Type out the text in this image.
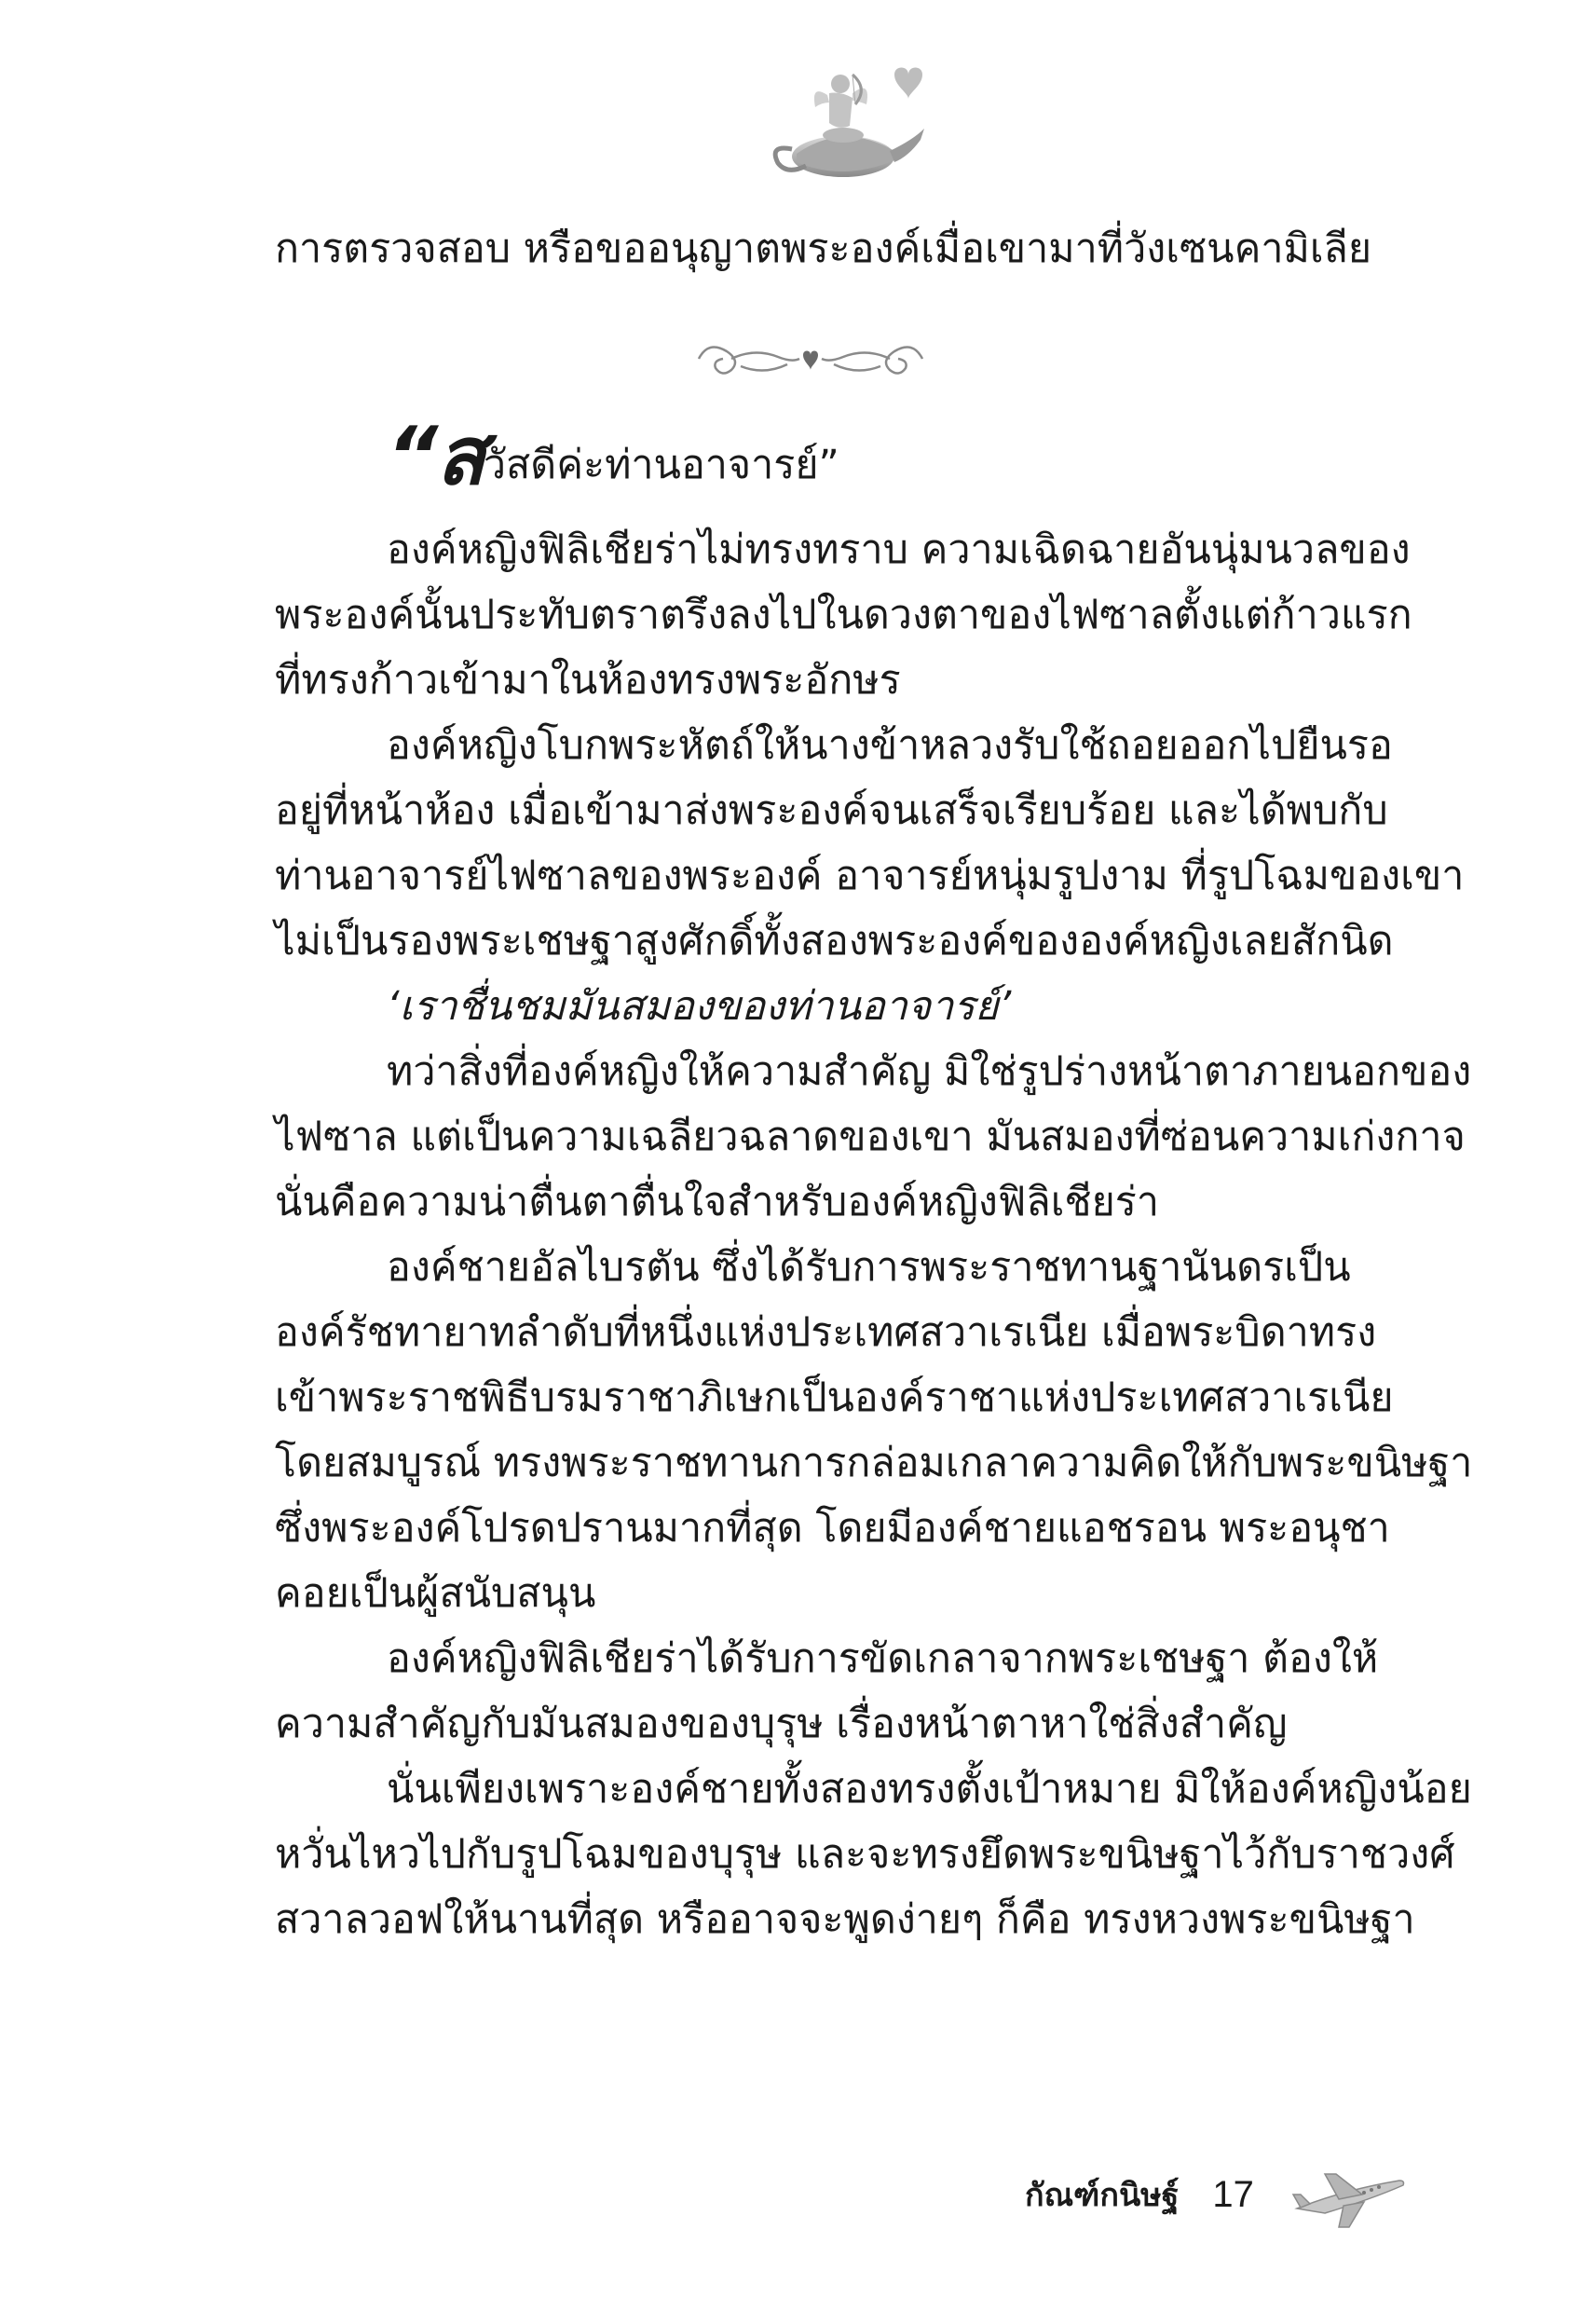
การตรวจสอบ หรือขออนุญาตพระองค์เมื่อเขามาที่วังเซนคามิเลีย
“สวัสดีค่ะท่านอาจารย์”
องค์หญิงฟิลิเชียร่าไม่ทรงทราบ ความเฉิดฉายอันนุ่มนวลของ
พระองค์นั้นประทับตราตรึงลงไปในดวงตาของไฟซาลตั้งแต่ก้าวแรก
ที่ทรงก้าวเข้ามาในห้องทรงพระอักษร
องค์หญิงโบกพระหัตถ์ให้นางข้าหลวงรับใช้ถอยออกไปยืนรอ
อยู่ที่หน้าห้อง เมื่อเข้ามาส่งพระองค์จนเสร็จเรียบร้อย และได้พบกับ
ท่านอาจารย์ไฟซาลของพระองค์ อาจารย์หนุ่มรูปงาม ที่รูปโฉมของเขา
ไม่เป็นรองพระเชษฐาสูงศักดิ์ทั้งสองพระองค์ขององค์หญิงเลยสักนิด
‘เราชื่นชมมันสมองของท่านอาจารย์’
ทว่าสิ่งที่องค์หญิงให้ความสำคัญ มิใช่รูปร่างหน้าตาภายนอกของ
ไฟซาล แต่เป็นความเฉลียวฉลาดของเขา มันสมองที่ซ่อนความเก่งกาจ
นั่นคือความน่าตื่นตาตื่นใจสำหรับองค์หญิงฟิลิเชียร่า
องค์ชายอัลไบรตัน ซึ่งได้รับการพระราชทานฐานันดรเป็น
องค์รัชทายาทลำดับที่หนึ่งแห่งประเทศสวาเรเนีย เมื่อพระบิดาทรง
เข้าพระราชพิธีบรมราชาภิเษกเป็นองค์ราชาแห่งประเทศสวาเรเนีย
โดยสมบูรณ์ ทรงพระราชทานการกล่อมเกลาความคิดให้กับพระขนิษฐา
ซึ่งพระองค์โปรดปรานมากที่สุด โดยมีองค์ชายแอชรอน พระอนุชา
คอยเป็นผู้สนับสนุน
องค์หญิงฟิลิเชียร่าได้รับการขัดเกลาจากพระเชษฐา ต้องให้
ความสำคัญกับมันสมองของบุรุษ เรื่องหน้าตาหาใช่สิ่งสำคัญ
นั่นเพียงเพราะองค์ชายทั้งสองทรงตั้งเป้าหมาย มิให้องค์หญิงน้อย
หวั่นไหวไปกับรูปโฉมของบุรุษ และจะทรงยึดพระขนิษฐาไว้กับราชวงศ์
สวาลวอฟให้นานที่สุด หรืออาจจะพูดง่ายๆ ก็คือ ทรงหวงพระขนิษฐา
กัณฑ์กนิษฐ์ 17
